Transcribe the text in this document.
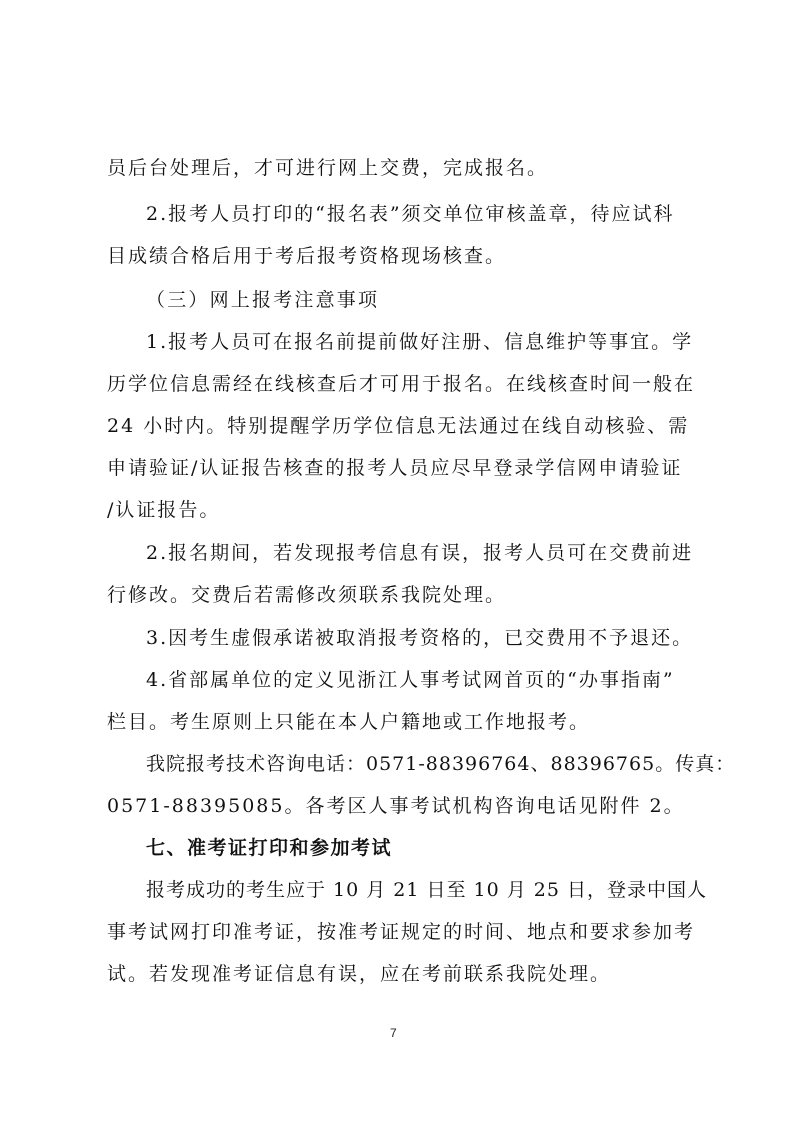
员后台处理后，才可进行网上交费，完成报名。
2.报考人员打印的“报名表”须交单位审核盖章，待应试科
目成绩合格后用于考后报考资格现场核查。
（三）网上报考注意事项
1.报考人员可在报名前提前做好注册、信息维护等事宜。学
历学位信息需经在线核查后才可用于报名。在线核查时间一般在
24 小时内。特别提醒学历学位信息无法通过在线自动核验、需
申请验证/认证报告核查的报考人员应尽早登录学信网申请验证
/认证报告。
2.报名期间，若发现报考信息有误，报考人员可在交费前进
行修改。交费后若需修改须联系我院处理。
3.因考生虚假承诺被取消报考资格的，已交费用不予退还。
4.省部属单位的定义见浙江人事考试网首页的“办事指南”
栏目。考生原则上只能在本人户籍地或工作地报考。
我院报考技术咨询电话：0571-88396764、88396765。传真：
0571-88395085。各考区人事考试机构咨询电话见附件 2。
七、准考证打印和参加考试
报考成功的考生应于 10 月 21 日至 10 月 25 日，登录中国人
事考试网打印准考证，按准考证规定的时间、地点和要求参加考
试。若发现准考证信息有误，应在考前联系我院处理。
7
